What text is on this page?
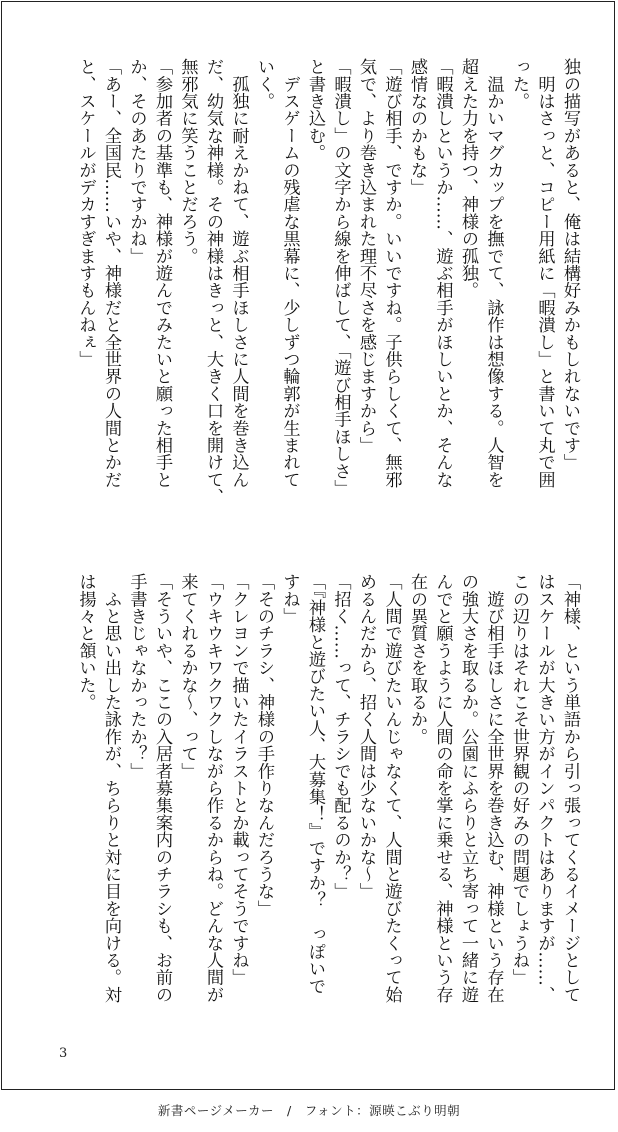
独の描写があると、俺は結構好みかもしれないです」
　明はさっと、コピー用紙に「暇潰し」と書いて丸で囲
った。
　温かいマグカップを撫でて、詠作は想像する。人智を
超えた力を持つ、神様の孤独。
「暇潰しというか……、遊ぶ相手がほしいとか、そんな
感情なのかもな」
「遊び相手、ですか。いいですね。子供らしくて、無邪
気で、より巻き込まれた理不尽さを感じますから」
「暇潰し」の文字から線を伸ばして、「遊び相手ほしさ」
と書き込む。
　デスゲームの残虐な黒幕に、少しずつ輪郭が生まれて
いく。
　孤独に耐えかねて、遊ぶ相手ほしさに人間を巻き込ん
だ、幼気な神様。その神様はきっと、大きく口を開けて、
無邪気に笑うことだろう。
「参加者の基準も、神様が遊んでみたいと願った相手と
か、そのあたりですかね」
「あー、全国民……いや、神様だと全世界の人間とかだ
と、スケールがデカすぎますもんねぇ」
「神様、という単語から引っ張ってくるイメージとして
はスケールが大きい方がインパクトはありますが……、
この辺りはそれこそ世界観の好みの問題でしょうね」
　遊び相手ほしさに全世界を巻き込む、神様という存在
の強大さを取るか。公園にふらりと立ち寄って一緒に遊
んでと願うように人間の命を掌に乗せる、神様という存
在の異質さを取るか。
「人間で遊びたいんじゃなくて、人間と遊びたくって始
めるんだから、招く人間は少ないかな〜」
「招く……って、チラシでも配るのか？」
「『神様と遊びたい人、大募集！』ですか？　っぽいで
すね」
「そのチラシ、神様の手作りなんだろうな」
「クレヨンで描いたイラストとか載ってそうですね」
「ウキウキワクワクしながら作るからね。どんな人間が
来てくれるかな〜、って」
「そういや、ここの入居者募集案内のチラシも、お前の
手書きじゃなかったか？」
　ふと思い出した詠作が、ちらりと対に目を向ける。対
は揚々と頷いた。
3
新書ページメーカー　/　フォント：源暎こぶり明朝
